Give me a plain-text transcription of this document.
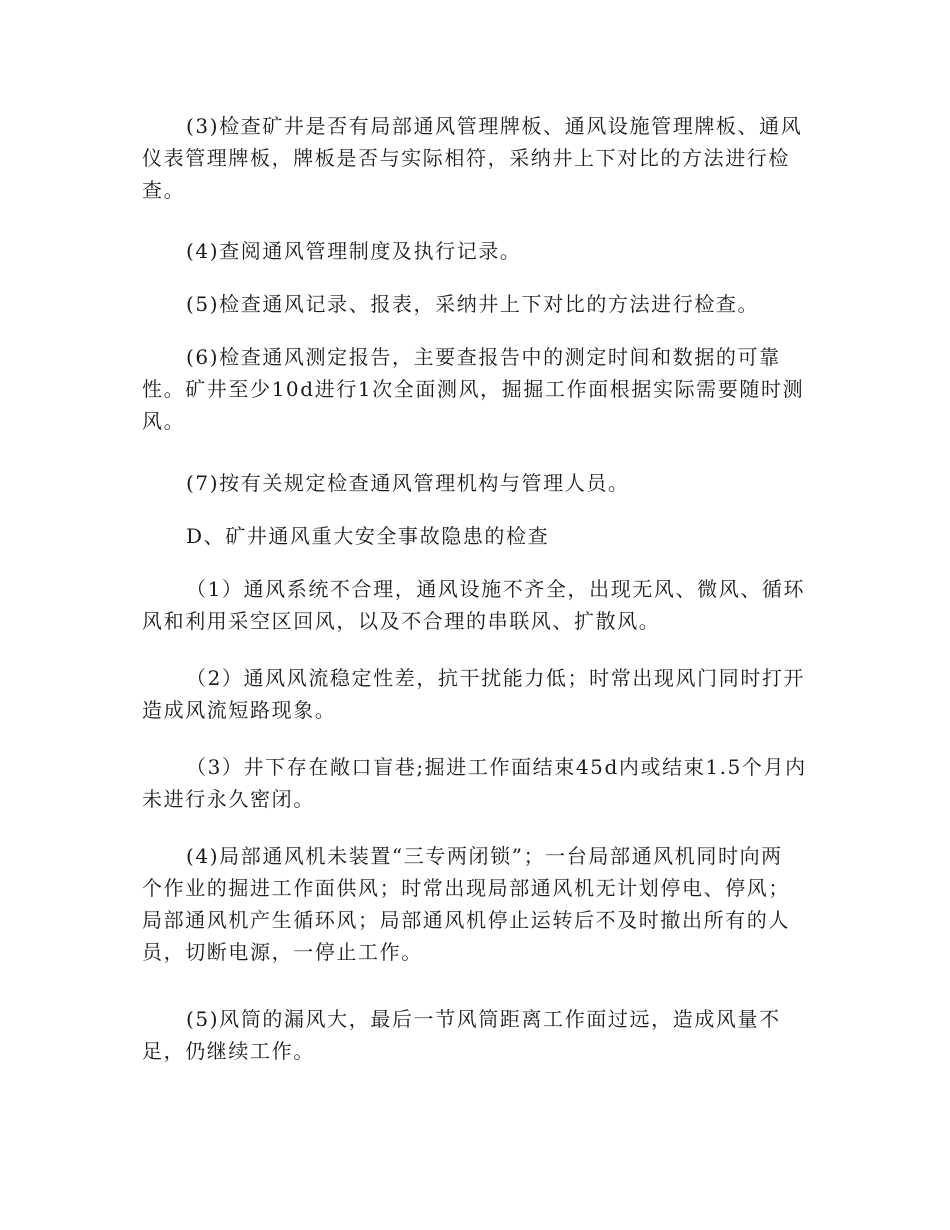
(3)检查矿井是否有局部通风管理牌板、通风设施管理牌板、通风
仪表管理牌板，牌板是否与实际相符，采纳井上下对比的方法进行检
查。

(4)查阅通风管理制度及执行记录。

(5)检查通风记录、报表，采纳井上下对比的方法进行检查。

(6)检查通风测定报告，主要查报告中的测定时间和数据的可靠
性。矿井至少10d进行1次全面测风，掘掘工作面根据实际需要随时测
风。

(7)按有关规定检查通风管理机构与管理人员。

D、矿井通风重大安全事故隐患的检查

（1）通风系统不合理，通风设施不齐全，出现无风、微风、循环
风和利用采空区回风，以及不合理的串联风、扩散风。

（2）通风风流稳定性差，抗干扰能力低；时常出现风门同时打开
造成风流短路现象。

（3）井下存在敞口盲巷;掘进工作面结束45d内或结束1.5个月内
未进行永久密闭。

(4)局部通风机未装置“三专两闭锁”；一台局部通风机同时向两
个作业的掘进工作面供风；时常出现局部通风机无计划停电、停风；
局部通风机产生循环风；局部通风机停止运转后不及时撤出所有的人
员，切断电源，一停止工作。

(5)风筒的漏风大，最后一节风筒距离工作面过远，造成风量不
足，仍继续工作。
